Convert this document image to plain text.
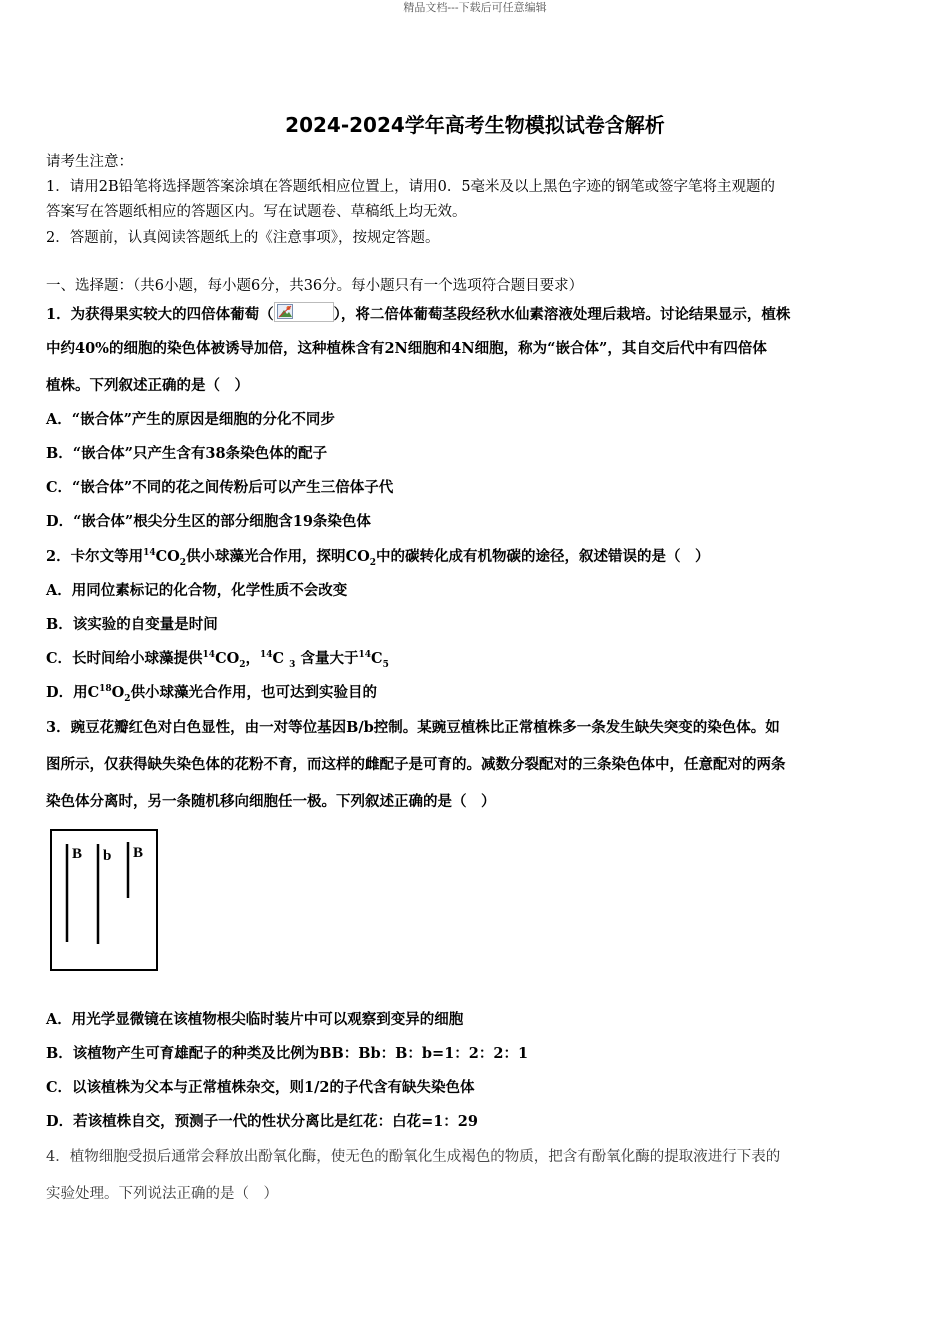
精品文档---下载后可任意编辑
2024-2024学年高考生物模拟试卷含解析
请考生注意：
1．请用2B铅笔将选择题答案涂填在答题纸相应位置上，请用0．5毫米及以上黑色字迹的钢笔或签字笔将主观题的
答案写在答题纸相应的答题区内。写在试题卷、草稿纸上均无效。
2．答题前，认真阅读答题纸上的《注意事项》，按规定答题。
一、选择题：（共6小题，每小题6分，共36分。每小题只有一个选项符合题目要求）
1．为获得果实较大的四倍体葡萄（	），将二倍体葡萄茎段经秋水仙素溶液处理后栽培。讨论结果显示，植株
中约40%的细胞的染色体被诱导加倍，这种植株含有2N细胞和4N细胞，称为“嵌合体”，其自交后代中有四倍体
植株。下列叙述正确的是（　）
A．“嵌合体”产生的原因是细胞的分化不同步
B．“嵌合体”只产生含有38条染色体的配子
C．“嵌合体”不同的花之间传粉后可以产生三倍体子代
D．“嵌合体”根尖分生区的部分细胞含19条染色体
2．卡尔文等用$^{14}CO_2$供小球藻光合作用，探明$CO_2$中的碳转化成有机物碳的途径，叙述错误的是（　）
A．用同位素标记的化合物，化学性质不会改变
B．该实验的自变量是时间
C．长时间给小球藻提供$^{14}CO_2$，$^{14}$C $_3$ 含量大于$^{14}C_5$
D．用$C^{18}O_2$供小球藻光合作用，也可达到实验目的
3．豌豆花瓣红色对白色显性，由一对等位基因B/b控制。某豌豆植株比正常植株多一条发生缺失突变的染色体。如
图所示，仅获得缺失染色体的花粉不育，而这样的雌配子是可育的。减数分裂配对的三条染色体中，任意配对的两条
染色体分离时，另一条随机移向细胞任一极。下列叙述正确的是（　）
B b B
A．用光学显微镜在该植物根尖临时装片中可以观察到变异的细胞
B．该植物产生可育雄配子的种类及比例为BB：Bb：B：b=1：2：2：1
C．以该植株为父本与正常植株杂交，则1/2的子代含有缺失染色体
D．若该植株自交，预测子一代的性状分离比是红花：白花=1：29
4．植物细胞受损后通常会释放出酚氧化酶，使无色的酚氧化生成褐色的物质，把含有酚氧化酶的提取液进行下表的
实验处理。下列说法正确的是（　）
